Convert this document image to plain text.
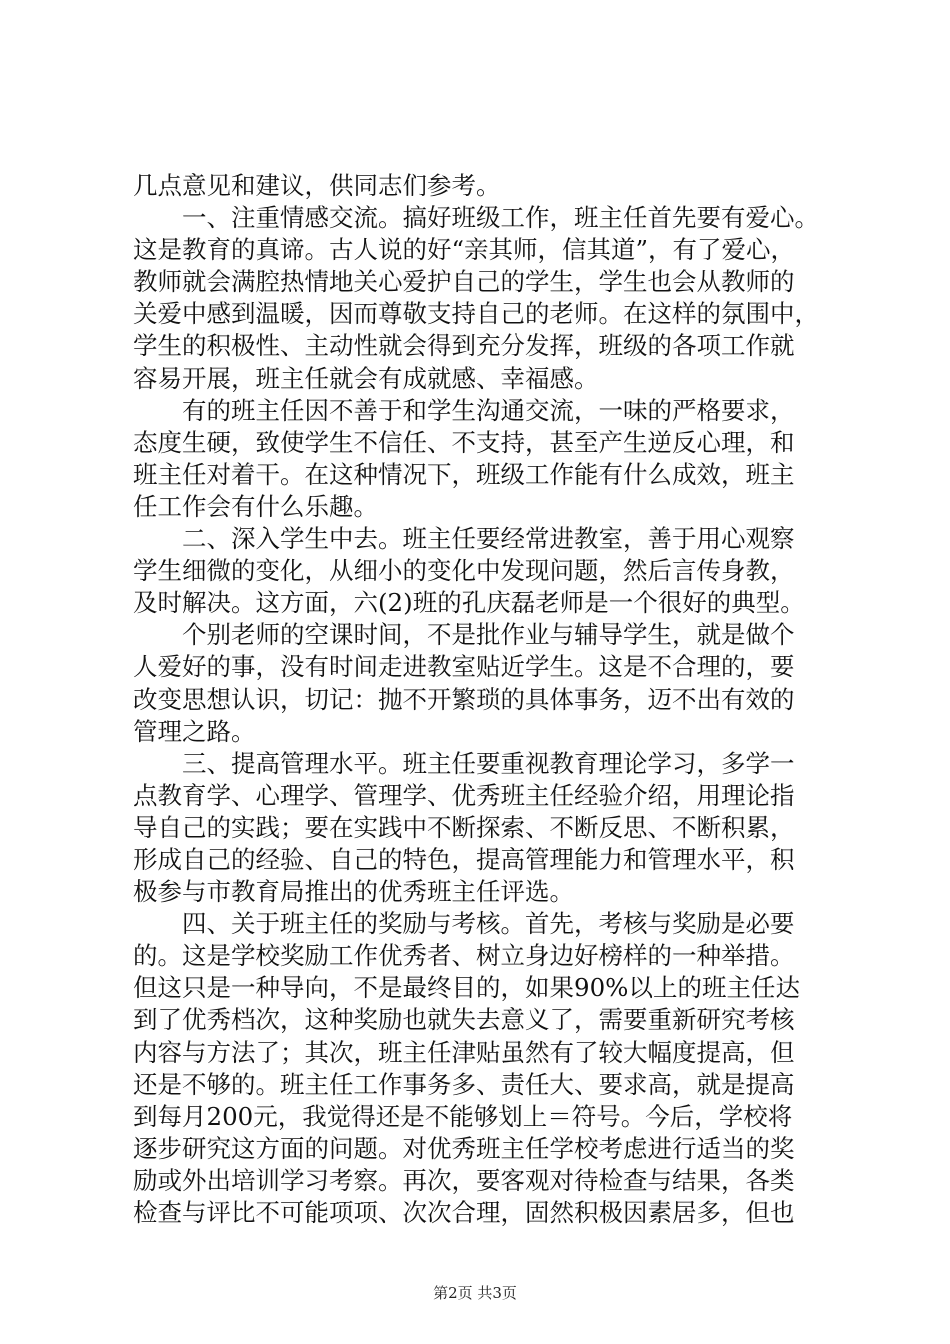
几点意见和建议，供同志们参考。
　　一、注重情感交流。搞好班级工作，班主任首先要有爱心。
这是教育的真谛。古人说的好“亲其师，信其道”，有了爱心，
教师就会满腔热情地关心爱护自己的学生，学生也会从教师的
关爱中感到温暖，因而尊敬支持自己的老师。在这样的氛围中，
学生的积极性、主动性就会得到充分发挥，班级的各项工作就
容易开展，班主任就会有成就感、幸福感。
　　有的班主任因不善于和学生沟通交流，一味的严格要求，
态度生硬，致使学生不信任、不支持，甚至产生逆反心理，和
班主任对着干。在这种情况下，班级工作能有什么成效，班主
任工作会有什么乐趣。
　　二、深入学生中去。班主任要经常进教室，善于用心观察
学生细微的变化，从细小的变化中发现问题，然后言传身教，
及时解决。这方面，六(2)班的孔庆磊老师是一个很好的典型。
　　个别老师的空课时间，不是批作业与辅导学生，就是做个
人爱好的事，没有时间走进教室贴近学生。这是不合理的，要
改变思想认识，切记：抛不开繁琐的具体事务，迈不出有效的
管理之路。
　　三、提高管理水平。班主任要重视教育理论学习，多学一
点教育学、心理学、管理学、优秀班主任经验介绍，用理论指
导自己的实践；要在实践中不断探索、不断反思、不断积累，
形成自己的经验、自己的特色，提高管理能力和管理水平，积
极参与市教育局推出的优秀班主任评选。
　　四、关于班主任的奖励与考核。首先，考核与奖励是必要
的。这是学校奖励工作优秀者、树立身边好榜样的一种举措。
但这只是一种导向，不是最终目的，如果90%以上的班主任达
到了优秀档次，这种奖励也就失去意义了，需要重新研究考核
内容与方法了；其次，班主任津贴虽然有了较大幅度提高，但
还是不够的。班主任工作事务多、责任大、要求高，就是提高
到每月200元，我觉得还是不能够划上＝符号。今后，学校将
逐步研究这方面的问题。对优秀班主任学校考虑进行适当的奖
励或外出培训学习考察。再次，要客观对待检查与结果，各类
检查与评比不可能项项、次次合理，固然积极因素居多，但也
第2页 共3页
